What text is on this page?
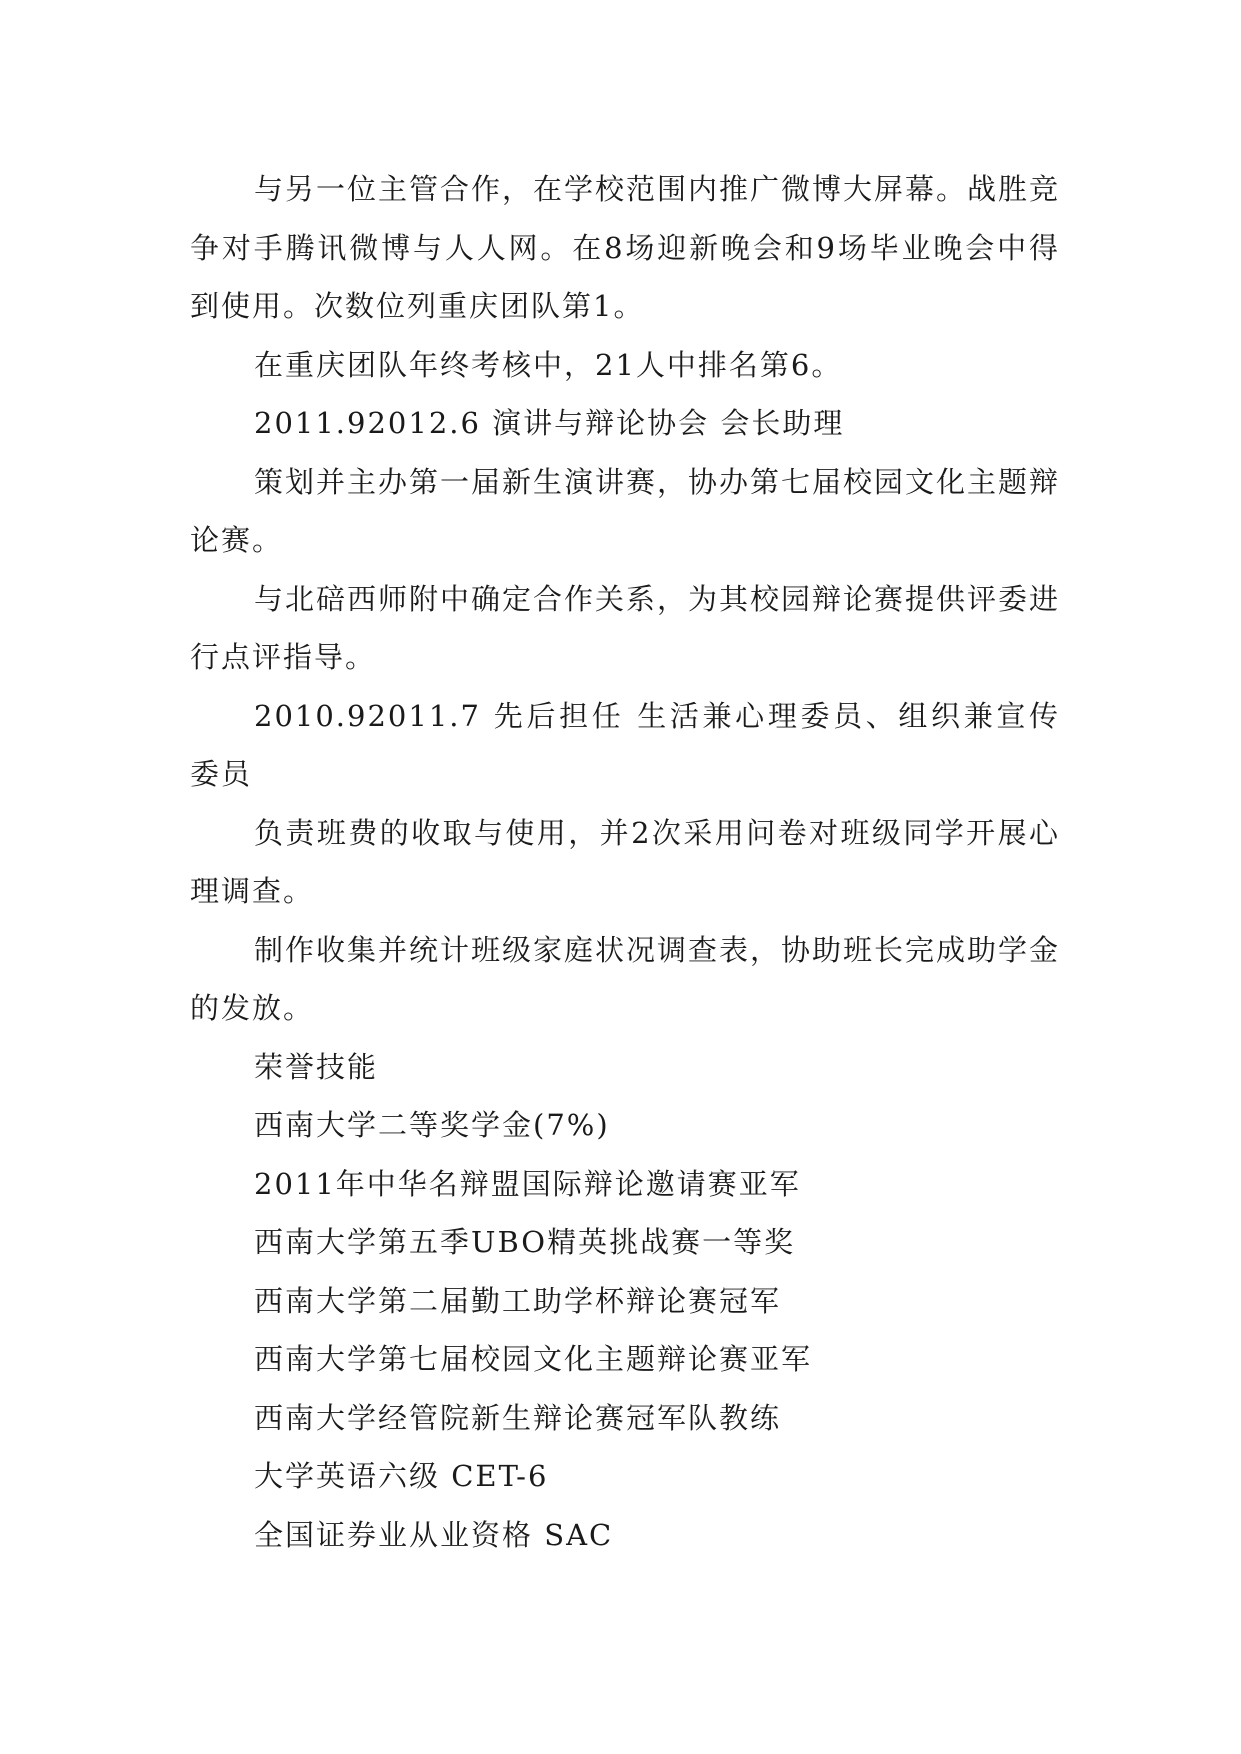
与另一位主管合作，在学校范围内推广微博大屏幕。战胜竞争对手腾讯微博与人人网。在8场迎新晚会和9场毕业晚会中得到使用。次数位列重庆团队第1。

在重庆团队年终考核中，21人中排名第6。

2011.92012.6 演讲与辩论协会 会长助理

策划并主办第一届新生演讲赛，协办第七届校园文化主题辩论赛。

与北碚西师附中确定合作关系，为其校园辩论赛提供评委进行点评指导。

2010.92011.7 先后担任 生活兼心理委员、组织兼宣传委员

负责班费的收取与使用，并2次采用问卷对班级同学开展心理调查。

制作收集并统计班级家庭状况调查表，协助班长完成助学金的发放。

荣誉技能

西南大学二等奖学金(7%)

2011年中华名辩盟国际辩论邀请赛亚军

西南大学第五季UBO精英挑战赛一等奖

西南大学第二届勤工助学杯辩论赛冠军

西南大学第七届校园文化主题辩论赛亚军

西南大学经管院新生辩论赛冠军队教练

大学英语六级 CET-6

全国证券业从业资格 SAC
